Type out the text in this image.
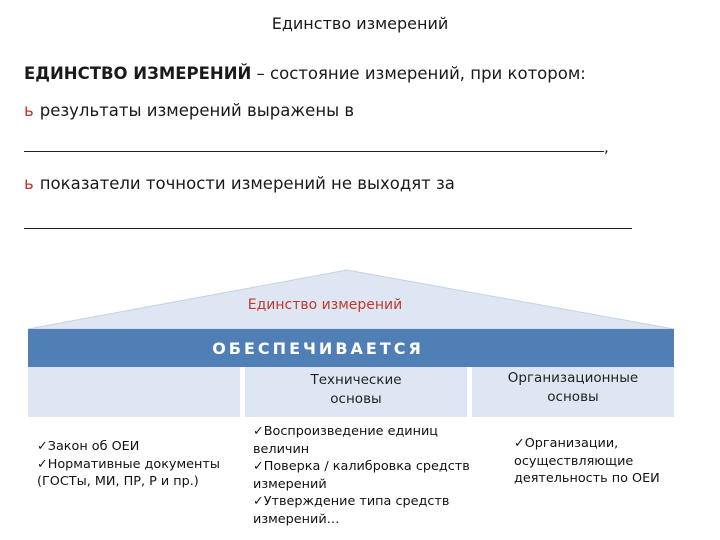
Единство измерений
ЕДИНСТВО ИЗМЕРЕНИЙ – состояние измерений, при котором:
ь результаты измерений выражены в
,
ь показатели точности измерений не выходят за
Единство измерений
ОБЕСПЕЧИВАЕТСЯ
Технические
основы
Организационные
основы
✓Закон об ОЕИ
✓Нормативные документы
(ГОСТы, МИ, ПР, Р и пр.)
✓Воспроизведение единиц
величин
✓Поверка / калибровка средств
измерений
✓Утверждение типа средств
измерений…
✓Организации,
осуществляющие
деятельность по ОЕИ
